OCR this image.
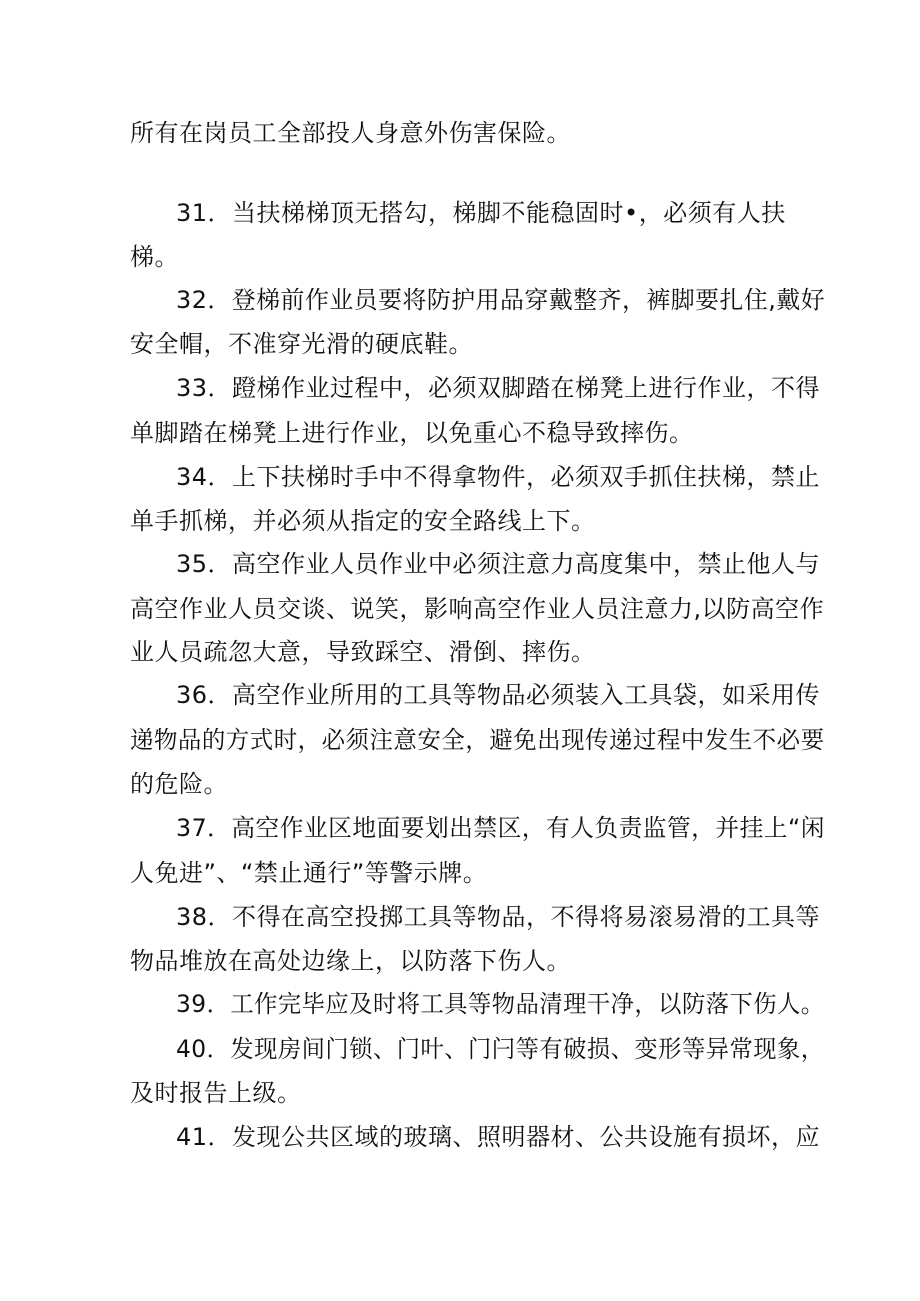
所有在岗员工全部投人身意外伤害保险。
31．当扶梯梯顶无搭勾，梯脚不能稳固时•，必须有人扶
梯。
32．登梯前作业员要将防护用品穿戴整齐，裤脚要扎住,戴好
安全帽，不准穿光滑的硬底鞋。
33．蹬梯作业过程中，必须双脚踏在梯凳上进行作业，不得
单脚踏在梯凳上进行作业，以免重心不稳导致摔伤。
34．上下扶梯时手中不得拿物件，必须双手抓住扶梯，禁止
单手抓梯，并必须从指定的安全路线上下。
35．高空作业人员作业中必须注意力高度集中，禁止他人与
高空作业人员交谈、说笑，影响高空作业人员注意力,以防高空作
业人员疏忽大意，导致踩空、滑倒、摔伤。
36．高空作业所用的工具等物品必须装入工具袋，如采用传
递物品的方式时，必须注意安全，避免出现传递过程中发生不必要
的危险。
37．高空作业区地面要划出禁区，有人负责监管，并挂上“闲
人免进”、“禁止通行”等警示牌。
38．不得在高空投掷工具等物品，不得将易滚易滑的工具等
物品堆放在高处边缘上，以防落下伤人。
39．工作完毕应及时将工具等物品清理干净，以防落下伤人。
40．发现房间门锁、门叶、门闩等有破损、变形等异常现象，
及时报告上级。
41．发现公共区域的玻璃、照明器材、公共设施有损坏，应
